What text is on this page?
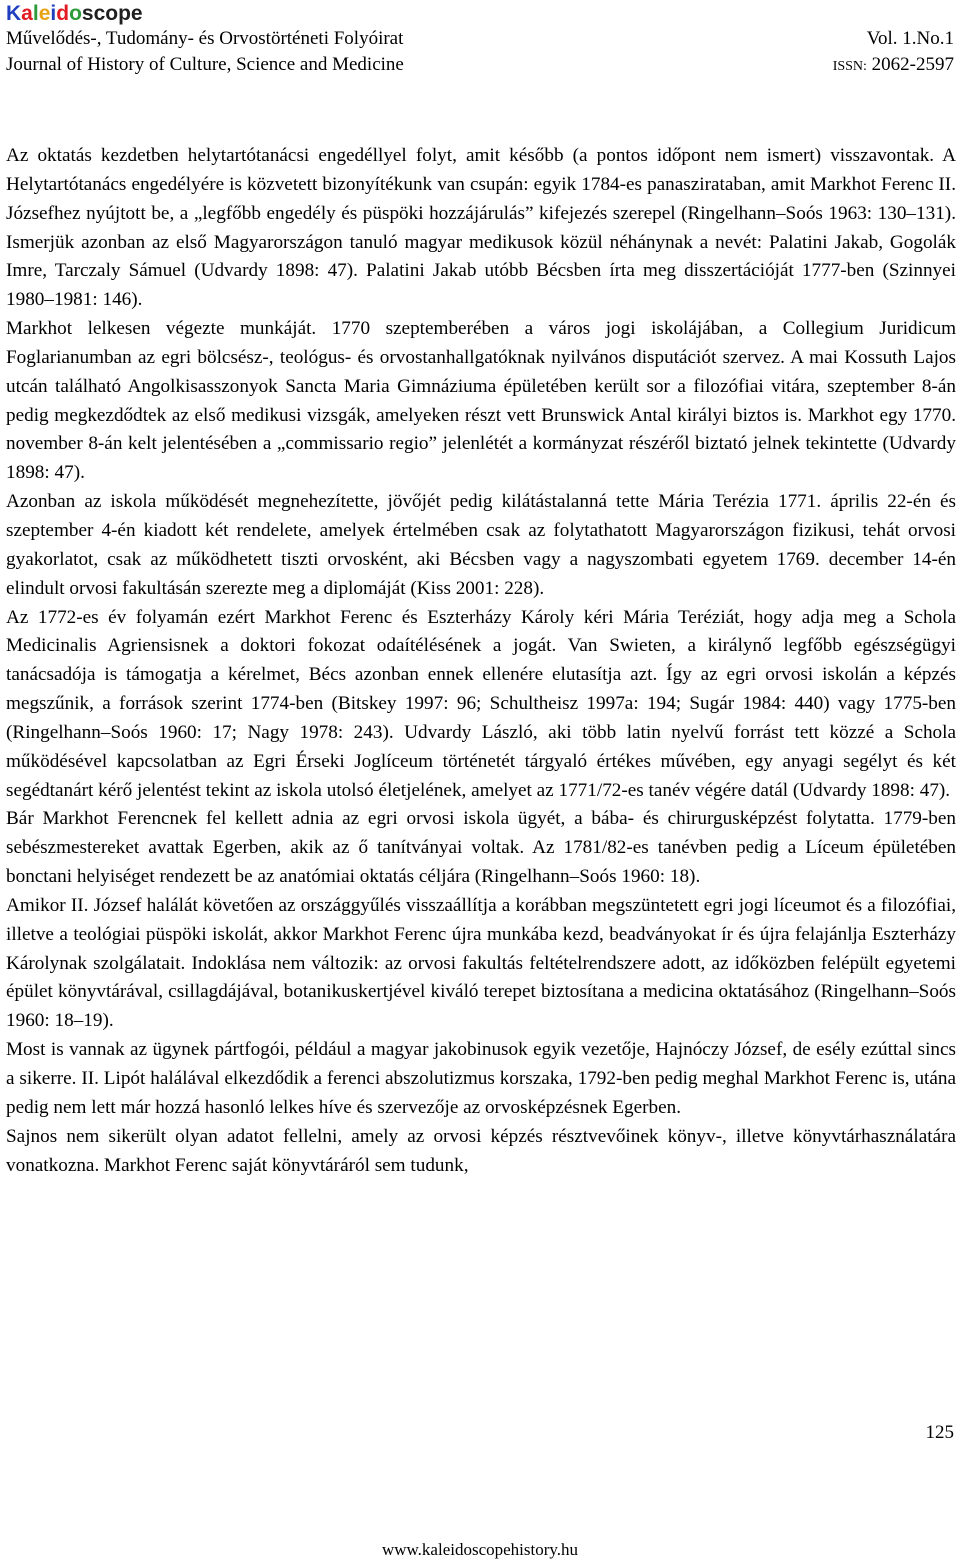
Kaleidoscope
Művelődés-, Tudomány- és Orvostörténeti Folyóirat	Vol. 1.No.1
Journal of History of Culture, Science and Medicine	ISSN: 2062-2597

Az oktatás kezdetben helytartótanácsi engedéllyel folyt, amit később (a pontos időpont nem ismert) visszavontak. A Helytartótanács engedélyére is közvetett bizonyítékunk van csupán: egyik 1784-es panaszirataban, amit Markhot Ferenc II. Józsefhez nyújtott be, a „legfőbb engedély és püspöki hozzájárulás” kifejezés szerepel (Ringelhann–Soós 1963: 130–131). Ismerjük azonban az első Magyarországon tanuló magyar medikusok közül néhánynak a nevét: Palatini Jakab, Gogolák Imre, Tarczaly Sámuel (Udvardy 1898: 47). Palatini Jakab utóbb Bécsben írta meg disszertációját 1777-ben (Szinnyei 1980–1981: 146).

Markhot lelkesen végezte munkáját. 1770 szeptemberében a város jogi iskolájában, a Collegium Juridicum Foglarianumban az egri bölcsész-, teológus- és orvostanhallgatóknak nyilvános disputációt szervez. A mai Kossuth Lajos utcán található Angolkisasszonyok Sancta Maria Gimnáziuma épületében került sor a filozófiai vitára, szeptember 8-án pedig megkezdődtek az első medikusi vizsgák, amelyeken részt vett Brunswick Antal királyi biztos is. Markhot egy 1770. november 8-án kelt jelentésében a „commissario regio” jelenlétét a kormányzat részéről biztató jelnek tekintette (Udvardy 1898: 47).

Azonban az iskola működését megnehezítette, jövőjét pedig kilátástalanná tette Mária Terézia 1771. április 22-én és szeptember 4-én kiadott két rendelete, amelyek értelmében csak az folytathatott Magyarországon fizikusi, tehát orvosi gyakorlatot, csak az működhetett tiszti orvosként, aki Bécsben vagy a nagyszombati egyetem 1769. december 14-én elindult orvosi fakultásán szerezte meg a diplomáját (Kiss 2001: 228).

Az 1772-es év folyamán ezért Markhot Ferenc és Eszterházy Károly kéri Mária Teréziát, hogy adja meg a Schola Medicinalis Agriensisnek a doktori fokozat odaítélésének a jogát. Van Swieten, a királynő legfőbb egészségügyi tanácsadója is támogatja a kérelmet, Bécs azonban ennek ellenére elutasítja azt. Így az egri orvosi iskolán a képzés megszűnik, a források szerint 1774-ben (Bitskey 1997: 96; Schultheisz 1997a: 194; Sugár 1984: 440) vagy 1775-ben (Ringelhann–Soós 1960: 17; Nagy 1978: 243). Udvardy László, aki több latin nyelvű forrást tett közzé a Schola működésével kapcsolatban az Egri Érseki Joglíceum történetét tárgyaló értékes művében, egy anyagi segélyt és két segédtanárt kérő jelentést tekint az iskola utolsó életjelének, amelyet az 1771/72-es tanév végére datál (Udvardy 1898: 47).

Bár Markhot Ferencnek fel kellett adnia az egri orvosi iskola ügyét, a bába- és chirurgusképzést folytatta. 1779-ben sebészmestereket avattak Egerben, akik az ő tanítványai voltak. Az 1781/82-es tanévben pedig a Líceum épületében bonctani helyiséget rendezett be az anatómiai oktatás céljára (Ringelhann–Soós 1960: 18).

Amikor II. József halálát követően az országgyűlés visszaállítja a korábban megszüntetett egri jogi líceumot és a filozófiai, illetve a teológiai püspöki iskolát, akkor Markhot Ferenc újra munkába kezd, beadványokat ír és újra felajánlja Eszterházy Károlynak szolgálatait. Indoklása nem változik: az orvosi fakultás feltételrendszere adott, az időközben felépült egyetemi épület könyvtárával, csillagdájával, botanikuskertjével kiváló terepet biztosítana a medicina oktatásához (Ringelhann–Soós 1960: 18–19).

Most is vannak az ügynek pártfogói, például a magyar jakobinusok egyik vezetője, Hajnóczy József, de esély ezúttal sincs a sikerre. II. Lipót halálával elkezdődik a ferenci abszolutizmus korszaka, 1792-ben pedig meghal Markhot Ferenc is, utána pedig nem lett már hozzá hasonló lelkes híve és szervezője az orvosképzésnek Egerben.

Sajnos nem sikerült olyan adatot fellelni, amely az orvosi képzés résztvevőinek könyv-, illetve könyvtárhasználatára vonatkozna. Markhot Ferenc saját könyvtáráról sem tudunk,

125
www.kaleidoscopehistory.hu
